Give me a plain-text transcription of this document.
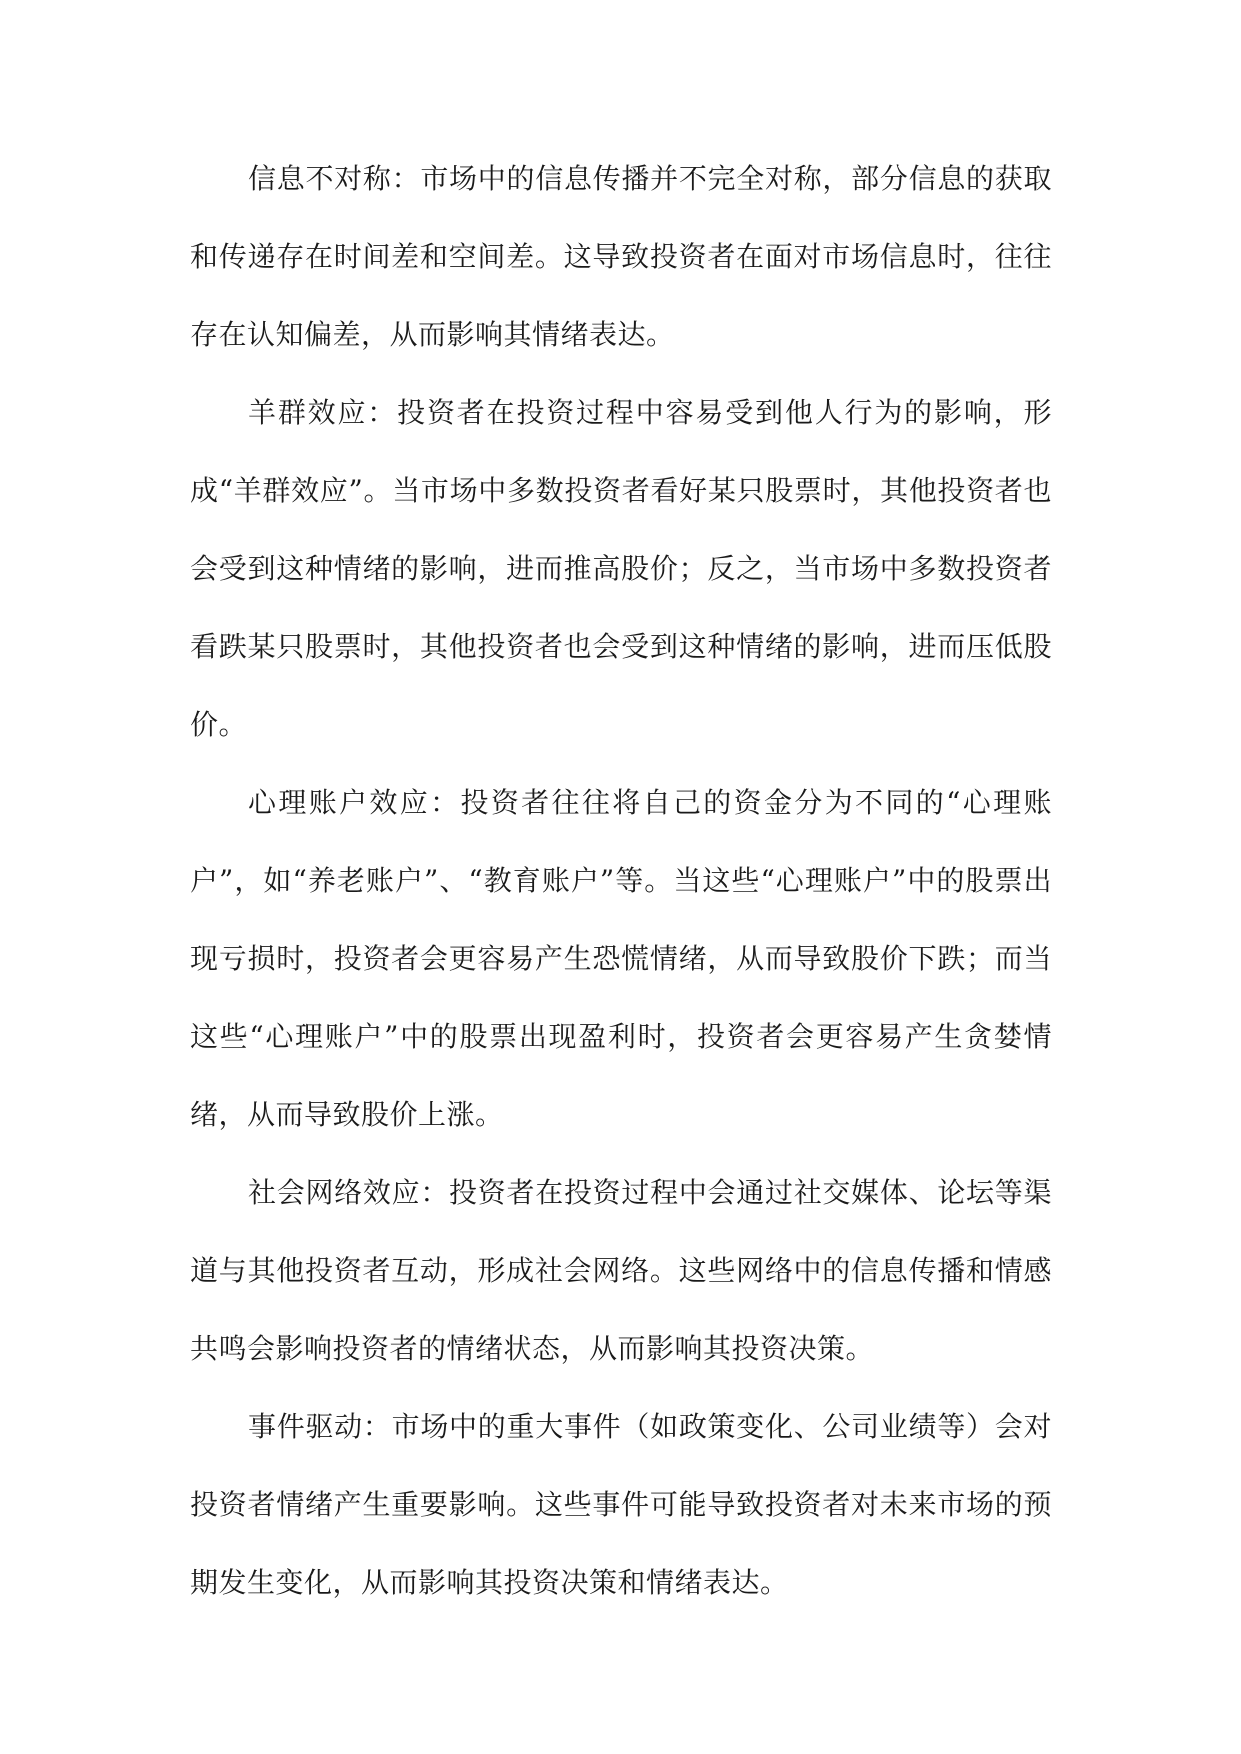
信息不对称：市场中的信息传播并不完全对称，部分信息的获取和传递存在时间差和空间差。这导致投资者在面对市场信息时，往往存在认知偏差，从而影响其情绪表达。

羊群效应：投资者在投资过程中容易受到他人行为的影响，形成“羊群效应”。当市场中多数投资者看好某只股票时，其他投资者也会受到这种情绪的影响，进而推高股价；反之，当市场中多数投资者看跌某只股票时，其他投资者也会受到这种情绪的影响，进而压低股价。

心理账户效应：投资者往往将自己的资金分为不同的“心理账户”，如“养老账户”、“教育账户”等。当这些“心理账户”中的股票出现亏损时，投资者会更容易产生恐慌情绪，从而导致股价下跌；而当这些“心理账户”中的股票出现盈利时，投资者会更容易产生贪婪情绪，从而导致股价上涨。

社会网络效应：投资者在投资过程中会通过社交媒体、论坛等渠道与其他投资者互动，形成社会网络。这些网络中的信息传播和情感共鸣会影响投资者的情绪状态，从而影响其投资决策。

事件驱动：市场中的重大事件（如政策变化、公司业绩等）会对投资者情绪产生重要影响。这些事件可能导致投资者对未来市场的预期发生变化，从而影响其投资决策和情绪表达。
